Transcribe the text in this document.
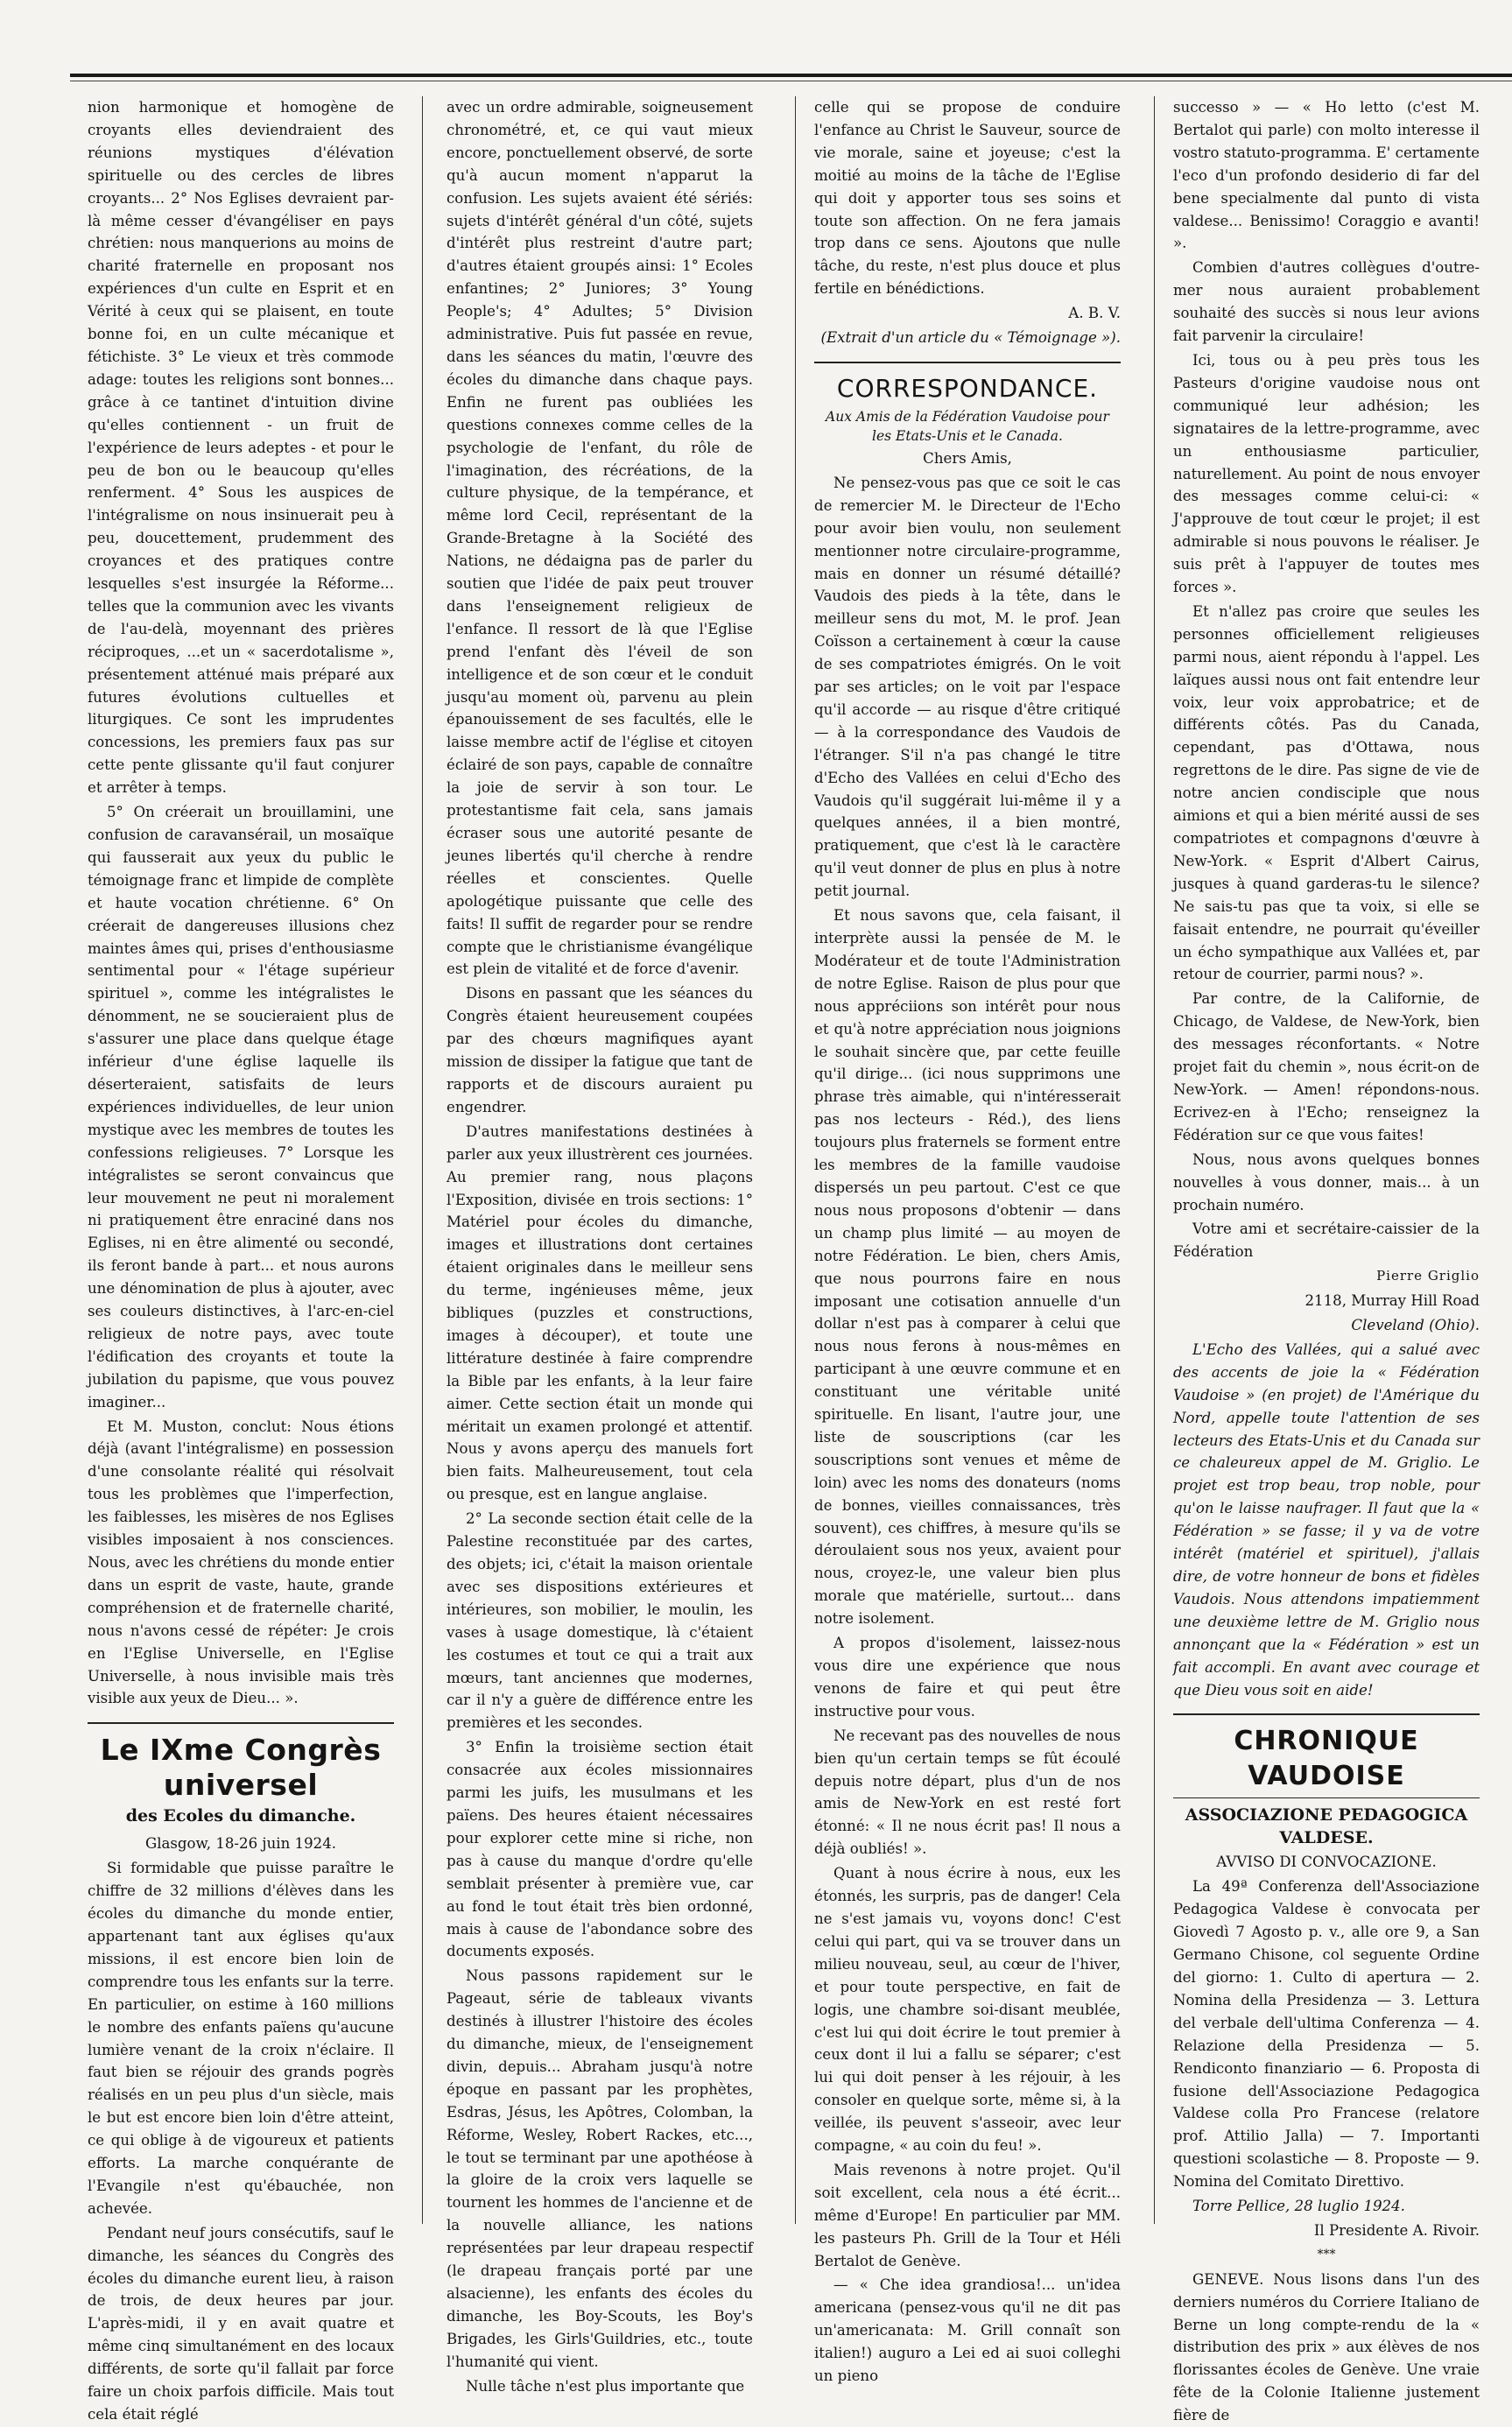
nion harmonique et homogène de croyants elles deviendraient des réunions mystiques d'élévation spirituelle ou des cercles de libres croyants... 2° Nos Eglises devraient par-là même cesser d'évangéliser en pays chrétien: nous manquerions au moins de charité fraternelle en proposant nos expériences d'un culte en Esprit et en Vérité à ceux qui se plaisent, en toute bonne foi, en un culte mécanique et fétichiste. 3° Le vieux et très commode adage: toutes les religions sont bonnes... grâce à ce tantinet d'intuition divine qu'elles contiennent - un fruit de l'expérience de leurs adeptes - et pour le peu de bon ou le beaucoup qu'elles renferment. 4° Sous les auspices de l'intégralisme on nous insinuerait peu à peu, doucettement, prudemment des croyances et des pratiques contre lesquelles s'est insurgée la Réforme... telles que la communion avec les vivants de l'au-delà, moyennant des prières réciproques, ...et un « sacerdotalisme », présentement atténué mais préparé aux futures évolutions cultuelles et liturgiques. Ce sont les imprudentes concessions, les premiers faux pas sur cette pente glissante qu'il faut conjurer et arrêter à temps.

5° On créerait un brouillamini, une confusion de caravansérail, un mosaïque qui fausserait aux yeux du public le témoignage franc et limpide de complète et haute vocation chrétienne. 6° On créerait de dangereuses illusions chez maintes âmes qui, prises d'enthousiasme sentimental pour « l'étage supérieur spirituel », comme les intégralistes le dénomment, ne se soucieraient plus de s'assurer une place dans quelque étage inférieur d'une église laquelle ils déserteraient, satisfaits de leurs expériences individuelles, de leur union mystique avec les membres de toutes les confessions religieuses. 7° Lorsque les intégralistes se seront convaincus que leur mouvement ne peut ni moralement ni pratiquement être enraciné dans nos Eglises, ni en être alimenté ou secondé, ils feront bande à part... et nous aurons une dénomination de plus à ajouter, avec ses couleurs distinctives, à l'arc-en-ciel religieux de notre pays, avec toute l'édification des croyants et toute la jubilation du papisme, que vous pouvez imaginer...

Et M. Muston, conclut: Nous étions déjà (avant l'intégralisme) en possession d'une consolante réalité qui résolvait tous les problèmes que l'imperfection, les faiblesses, les misères de nos Eglises visibles imposaient à nos consciences. Nous, avec les chrétiens du monde entier dans un esprit de vaste, haute, grande compréhension et de fraternelle charité, nous n'avons cessé de répéter: Je crois en l'Eglise Universelle, en l'Eglise Universelle, à nous invisible mais très visible aux yeux de Dieu... ».

Le IXme Congrès universel

des Ecoles du dimanche.

Glasgow, 18-26 juin 1924.

Si formidable que puisse paraître le chiffre de 32 millions d'élèves dans les écoles du dimanche du monde entier, appartenant tant aux églises qu'aux missions, il est encore bien loin de comprendre tous les enfants sur la terre. En particulier, on estime à 160 millions le nombre des enfants païens qu'aucune lumière venant de la croix n'éclaire. Il faut bien se réjouir des grands pogrès réalisés en un peu plus d'un siècle, mais le but est encore bien loin d'être atteint, ce qui oblige à de vigoureux et patients efforts. La marche conquérante de l'Evangile n'est qu'ébauchée, non achevée.

Pendant neuf jours consécutifs, sauf le dimanche, les séances du Congrès des écoles du dimanche eurent lieu, à raison de trois, de deux heures par jour. L'après-midi, il y en avait quatre et même cinq simultanément en des locaux différents, de sorte qu'il fallait par force faire un choix parfois difficile. Mais tout cela était réglé

avec un ordre admirable, soigneusement chronométré, et, ce qui vaut mieux encore, ponctuellement observé, de sorte qu'à aucun moment n'apparut la confusion. Les sujets avaient été sériés: sujets d'intérêt général d'un côté, sujets d'intérêt plus restreint d'autre part; d'autres étaient groupés ainsi: 1° Ecoles enfantines; 2° Juniores; 3° Young People's; 4° Adultes; 5° Division administrative. Puis fut passée en revue, dans les séances du matin, l'œuvre des écoles du dimanche dans chaque pays. Enfin ne furent pas oubliées les questions connexes comme celles de la psychologie de l'enfant, du rôle de l'imagination, des récréations, de la culture physique, de la tempérance, et même lord Cecil, représentant de la Grande-Bretagne à la Société des Nations, ne dédaigna pas de parler du soutien que l'idée de paix peut trouver dans l'enseignement religieux de l'enfance. Il ressort de là que l'Eglise prend l'enfant dès l'éveil de son intelligence et de son cœur et le conduit jusqu'au moment où, parvenu au plein épanouissement de ses facultés, elle le laisse membre actif de l'église et citoyen éclairé de son pays, capable de connaître la joie de servir à son tour. Le protestantisme fait cela, sans jamais écraser sous une autorité pesante de jeunes libertés qu'il cherche à rendre réelles et conscientes. Quelle apologétique puissante que celle des faits! Il suffit de regarder pour se rendre compte que le christianisme évangélique est plein de vitalité et de force d'avenir.

Disons en passant que les séances du Congrès étaient heureusement coupées par des chœurs magnifiques ayant mission de dissiper la fatigue que tant de rapports et de discours auraient pu engendrer.

D'autres manifestations destinées à parler aux yeux illustrèrent ces journées. Au premier rang, nous plaçons l'Exposition, divisée en trois sections: 1° Matériel pour écoles du dimanche, images et illustrations dont certaines étaient originales dans le meilleur sens du terme, ingénieuses même, jeux bibliques (puzzles et constructions, images à découper), et toute une littérature destinée à faire comprendre la Bible par les enfants, à la leur faire aimer. Cette section était un monde qui méritait un examen prolongé et attentif. Nous y avons aperçu des manuels fort bien faits. Malheureusement, tout cela ou presque, est en langue anglaise.

2° La seconde section était celle de la Palestine reconstituée par des cartes, des objets; ici, c'était la maison orientale avec ses dispositions extérieures et intérieures, son mobilier, le moulin, les vases à usage domestique, là c'étaient les costumes et tout ce qui a trait aux mœurs, tant anciennes que modernes, car il n'y a guère de différence entre les premières et les secondes.

3° Enfin la troisième section était consacrée aux écoles missionnaires parmi les juifs, les musulmans et les païens. Des heures étaient nécessaires pour explorer cette mine si riche, non pas à cause du manque d'ordre qu'elle semblait présenter à première vue, car au fond le tout était très bien ordonné, mais à cause de l'abondance sobre des documents exposés.

Nous passons rapidement sur le Pageaut, série de tableaux vivants destinés à illustrer l'histoire des écoles du dimanche, mieux, de l'enseignement divin, depuis... Abraham jusqu'à notre époque en passant par les prophètes, Esdras, Jésus, les Apôtres, Colomban, la Réforme, Wesley, Robert Rackes, etc..., le tout se terminant par une apothéose à la gloire de la croix vers laquelle se tournent les hommes de l'ancienne et de la nouvelle alliance, les nations représentées par leur drapeau respectif (le drapeau français porté par une alsacienne), les enfants des écoles du dimanche, les Boy-Scouts, les Boy's Brigades, les Girls'Guildries, etc., toute l'humanité qui vient.

Nulle tâche n'est plus importante que

celle qui se propose de conduire l'enfance au Christ le Sauveur, source de vie morale, saine et joyeuse; c'est la moitié au moins de la tâche de l'Eglise qui doit y apporter tous ses soins et toute son affection. On ne fera jamais trop dans ce sens. Ajoutons que nulle tâche, du reste, n'est plus douce et plus fertile en bénédictions.

A. B. V.

(Extrait d'un article du « Témoignage »).

CORRESPONDANCE.

Aux Amis de la Fédération Vaudoise pour les Etats-Unis et le Canada.

Chers Amis,

Ne pensez-vous pas que ce soit le cas de remercier M. le Directeur de l'Echo pour avoir bien voulu, non seulement mentionner notre circulaire-programme, mais en donner un résumé détaillé? Vaudois des pieds à la tête, dans le meilleur sens du mot, M. le prof. Jean Coïsson a certainement à cœur la cause de ses compatriotes émigrés. On le voit par ses articles; on le voit par l'espace qu'il accorde — au risque d'être critiqué — à la correspondance des Vaudois de l'étranger. S'il n'a pas changé le titre d'Echo des Vallées en celui d'Echo des Vaudois qu'il suggérait lui-même il y a quelques années, il a bien montré, pratiquement, que c'est là le caractère qu'il veut donner de plus en plus à notre petit journal.

Et nous savons que, cela faisant, il interprète aussi la pensée de M. le Modérateur et de toute l'Administration de notre Eglise. Raison de plus pour que nous appréciions son intérêt pour nous et qu'à notre appréciation nous joignions le souhait sincère que, par cette feuille qu'il dirige... (ici nous supprimons une phrase très aimable, qui n'intéresserait pas nos lecteurs - Réd.), des liens toujours plus fraternels se forment entre les membres de la famille vaudoise dispersés un peu partout. C'est ce que nous nous proposons d'obtenir — dans un champ plus limité — au moyen de notre Fédération. Le bien, chers Amis, que nous pourrons faire en nous imposant une cotisation annuelle d'un dollar n'est pas à comparer à celui que nous nous ferons à nous-mêmes en participant à une œuvre commune et en constituant une véritable unité spirituelle. En lisant, l'autre jour, une liste de souscriptions (car les souscriptions sont venues et même de loin) avec les noms des donateurs (noms de bonnes, vieilles connaissances, très souvent), ces chiffres, à mesure qu'ils se déroulaient sous nos yeux, avaient pour nous, croyez-le, une valeur bien plus morale que matérielle, surtout... dans notre isolement.

A propos d'isolement, laissez-nous vous dire une expérience que nous venons de faire et qui peut être instructive pour vous.

Ne recevant pas des nouvelles de nous bien qu'un certain temps se fût écoulé depuis notre départ, plus d'un de nos amis de New-York en est resté fort étonné: « Il ne nous écrit pas! Il nous a déjà oubliés! ».

Quant à nous écrire à nous, eux les étonnés, les surpris, pas de danger! Cela ne s'est jamais vu, voyons donc! C'est celui qui part, qui va se trouver dans un milieu nouveau, seul, au cœur de l'hiver, et pour toute perspective, en fait de logis, une chambre soi-disant meublée, c'est lui qui doit écrire le tout premier à ceux dont il lui a fallu se séparer; c'est lui qui doit penser à les réjouir, à les consoler en quelque sorte, même si, à la veillée, ils peuvent s'asseoir, avec leur compagne, « au coin du feu! ».

Mais revenons à notre projet. Qu'il soit excellent, cela nous a été écrit... même d'Europe! En particulier par MM. les pasteurs Ph. Grill de la Tour et Héli Bertalot de Genève.

— « Che idea grandiosa!... un'idea americana (pensez-vous qu'il ne dit pas un'americanata: M. Grill connaît son italien!) auguro a Lei ed ai suoi colleghi un pieno

successo » — « Ho letto (c'est M. Bertalot qui parle) con molto interesse il vostro statuto-programma. E' certamente l'eco d'un profondo desiderio di far del bene specialmente dal punto di vista valdese... Benissimo! Coraggio e avanti! ».

Combien d'autres collègues d'outre-mer nous auraient probablement souhaité des succès si nous leur avions fait parvenir la circulaire!

Ici, tous ou à peu près tous les Pasteurs d'origine vaudoise nous ont communiqué leur adhésion; les signataires de la lettre-programme, avec un enthousiasme particulier, naturellement. Au point de nous envoyer des messages comme celui-ci: « J'approuve de tout cœur le projet; il est admirable si nous pouvons le réaliser. Je suis prêt à l'appuyer de toutes mes forces ».

Et n'allez pas croire que seules les personnes officiellement religieuses parmi nous, aient répondu à l'appel. Les laïques aussi nous ont fait entendre leur voix, leur voix approbatrice; et de différents côtés. Pas du Canada, cependant, pas d'Ottawa, nous regrettons de le dire. Pas signe de vie de notre ancien condisciple que nous aimions et qui a bien mérité aussi de ses compatriotes et compagnons d'œuvre à New-York. « Esprit d'Albert Cairus, jusques à quand garderas-tu le silence? Ne sais-tu pas que ta voix, si elle se faisait entendre, ne pourrait qu'éveiller un écho sympathique aux Vallées et, par retour de courrier, parmi nous? ».

Par contre, de la Californie, de Chicago, de Valdese, de New-York, bien des messages réconfortants. « Notre projet fait du chemin », nous écrit-on de New-York. — Amen! répondons-nous. Ecrivez-en à l'Echo; renseignez la Fédération sur ce que vous faites!

Nous, nous avons quelques bonnes nouvelles à vous donner, mais... à un prochain numéro.

Votre ami et secrétaire-caissier de la Fédération

Pierre Griglio

2118, Murray Hill Road

Cleveland (Ohio).

L'Echo des Vallées, qui a salué avec des accents de joie la « Fédération Vaudoise » (en projet) de l'Amérique du Nord, appelle toute l'attention de ses lecteurs des Etats-Unis et du Canada sur ce chaleureux appel de M. Griglio. Le projet est trop beau, trop noble, pour qu'on le laisse naufrager. Il faut que la « Fédération » se fasse; il y va de votre intérêt (matériel et spirituel), j'allais dire, de votre honneur de bons et fidèles Vaudois. Nous attendons impatiemment une deuxième lettre de M. Griglio nous annonçant que la « Fédération » est un fait accompli. En avant avec courage et que Dieu vous soit en aide!

CHRONIQUE VAUDOISE

ASSOCIAZIONE PEDAGOGICA VALDESE.

AVVISO DI CONVOCAZIONE.

La 49ª Conferenza dell'Associazione Pedagogica Valdese è convocata per Giovedì 7 Agosto p. v., alle ore 9, a San Germano Chisone, col seguente Ordine del giorno: 1. Culto di apertura — 2. Nomina della Presidenza — 3. Lettura del verbale dell'ultima Conferenza — 4. Relazione della Presidenza — 5. Rendiconto finanziario — 6. Proposta di fusione dell'Associazione Pedagogica Valdese colla Pro Francese (relatore prof. Attilio Jalla) — 7. Importanti questioni scolastiche — 8. Proposte — 9. Nomina del Comitato Direttivo.

Torre Pellice, 28 luglio 1924.

Il Presidente A. Rivoir.

***

GENEVE. Nous lisons dans l'un des derniers numéros du Corriere Italiano de Berne un long compte-rendu de la « distribution des prix » aux élèves de nos florissantes écoles de Genève. Une vraie fête de la Colonie Italienne justement fière de
